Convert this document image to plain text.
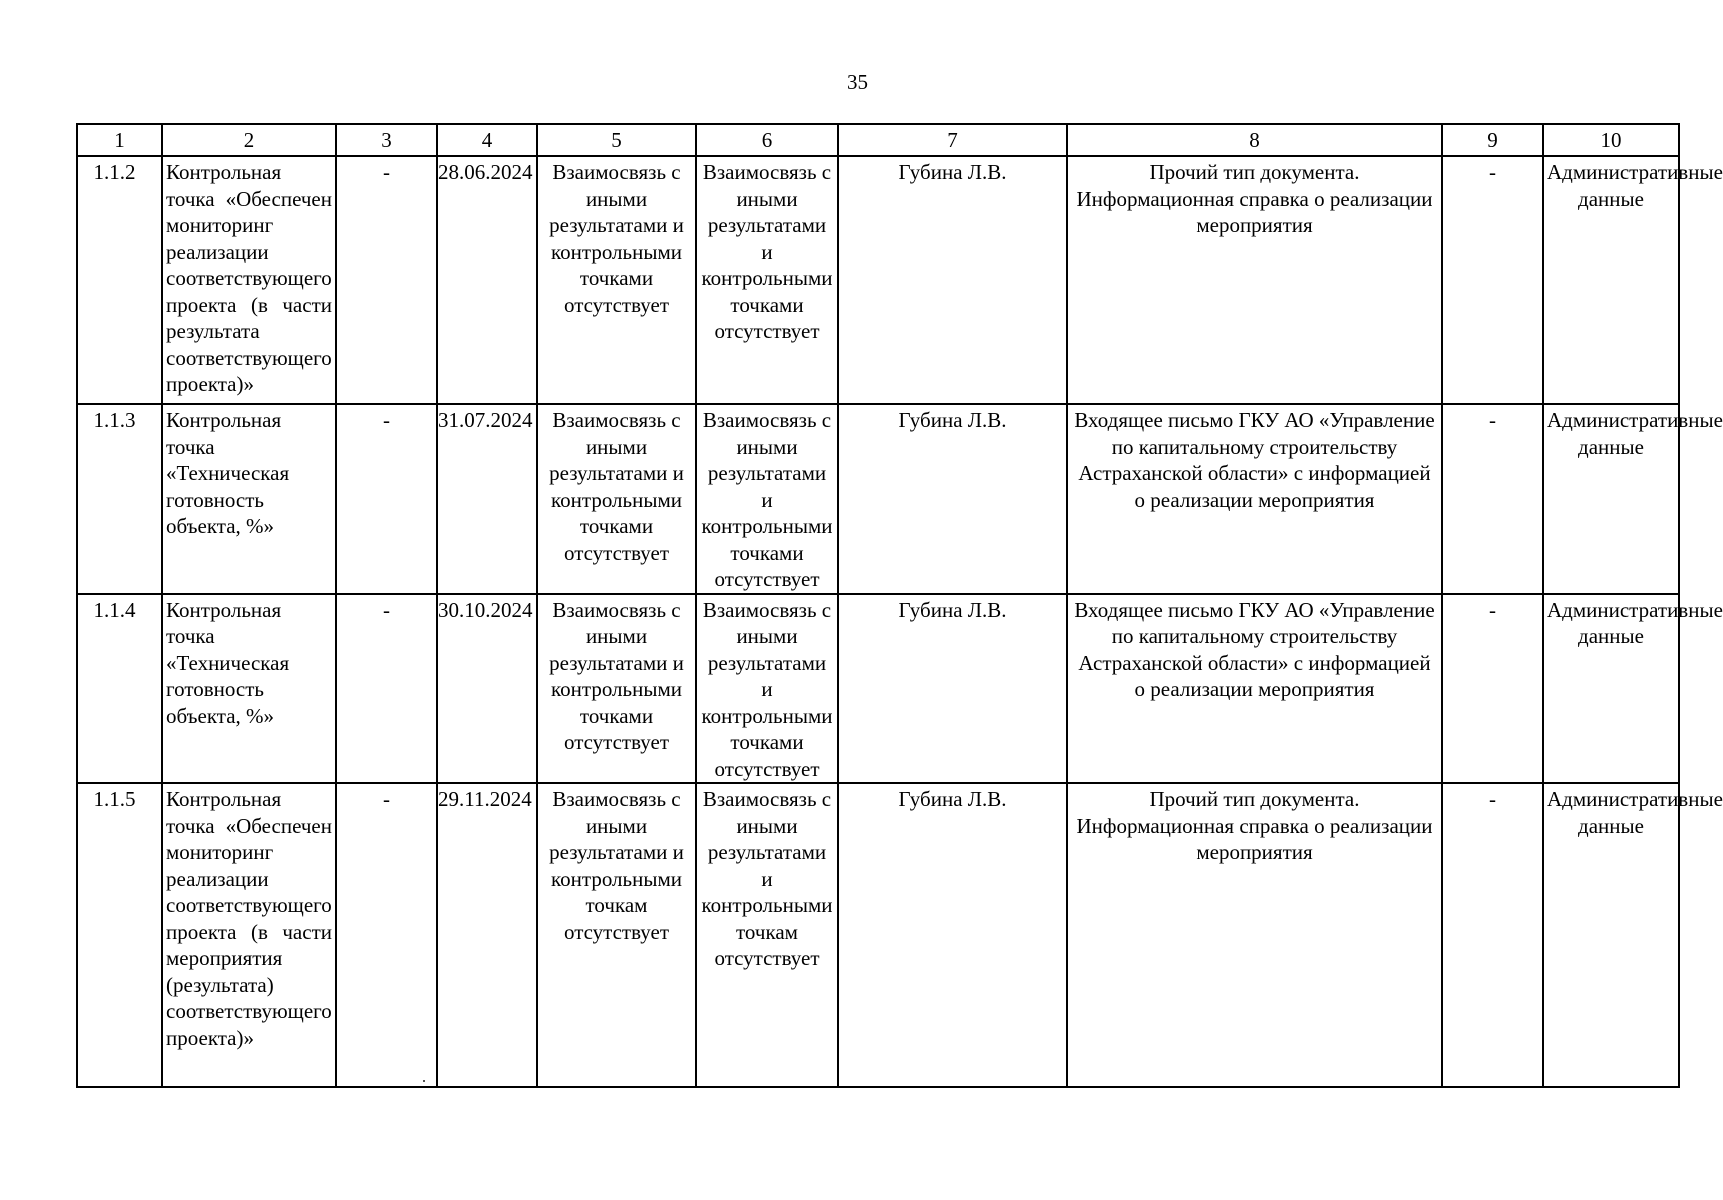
35
1	2	3	4	5	6	7	8	9	10
1.1.2	Контрольная точка «Обеспечен мониторинг реализации соответствующего проекта (в части результата соответствующего проекта)»	-	28.06.2024	Взаимосвязь с иными результатами и контрольными точками отсутствует	Взаимосвязь с иными результатами и контрольными точками отсутствует	Губина Л.В.	Прочий тип документа. Информационная справка о реализации мероприятия	-	Административные данные
1.1.3	Контрольная точка «Техническая готовность объекта, %»	-	31.07.2024	Взаимосвязь с иными результатами и контрольными точками отсутствует	Взаимосвязь с иными результатами и контрольными точками отсутствует	Губина Л.В.	Входящее письмо ГКУ АО «Управление по капитальному строительству Астраханской области» с информацией о реализации мероприятия	-	Административные данные
1.1.4	Контрольная точка «Техническая готовность объекта, %»	-	30.10.2024	Взаимосвязь с иными результатами и контрольными точками отсутствует	Взаимосвязь с иными результатами и контрольными точками отсутствует	Губина Л.В.	Входящее письмо ГКУ АО «Управление по капитальному строительству Астраханской области» с информацией о реализации мероприятия	-	Административные данные
1.1.5	Контрольная точка «Обеспечен мониторинг реализации соответствующего проекта (в части мероприятия (результата) соответствующего проекта)»	-	29.11.2024	Взаимосвязь с иными результатами и контрольными точкам отсутствует	Взаимосвязь с иными результатами и контрольными точкам отсутствует	Губина Л.В.	Прочий тип документа. Информационная справка о реализации мероприятия	-	Административные данные
